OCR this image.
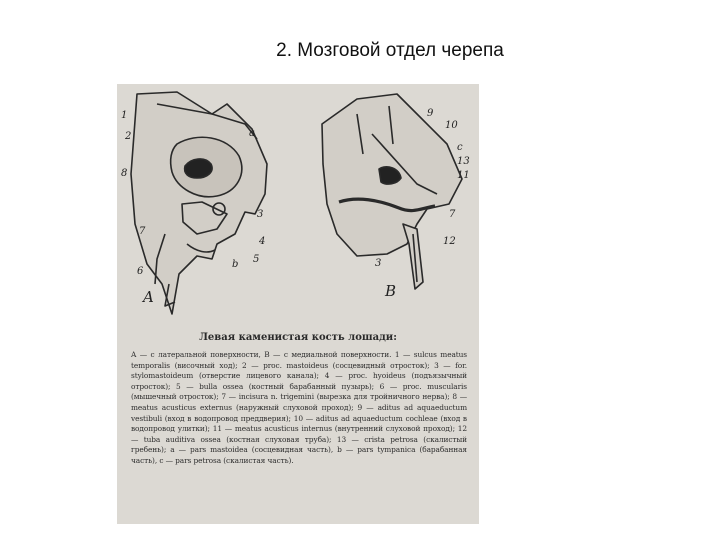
2. Мозговой отдел черепа
1
2	a
8
7
3
4
b 5
6
A
9
10
c
13
11
7
12
3
B
Левая каменистая кость лошади:
A — с латеральной поверхности, B — с медиальной поверхности. 1 — sulcus meatus temporalis (височный ход); 2 — proc. mastoideus (сосцевидный отросток); 3 — for. stylomastoideum (отверстие лицевого канала); 4 — proc. hyoideus (подъязычный отросток); 5 — bulla ossea (костный барабанный пузырь); 6 — proc. muscularis (мышечный отросток); 7 — incisura n. trigemini (вырезка для тройничного нерва); 8 — meatus acusticus externus (наружный слуховой проход); 9 — aditus ad aquaeductum vestibuli (вход в водопровод преддверия); 10 — aditus ad aquaeductum cochleae (вход в водопровод улитки); 11 — meatus acusticus internus (внутренний слуховой проход); 12 — tuba auditiva ossea (костная слуховая труба); 13 — crista petrosa (скалистый гребень); a — pars mastoidea (сосцевидная часть), b — pars tympanica (барабанная часть), c — pars petrosa (скалистая часть).
